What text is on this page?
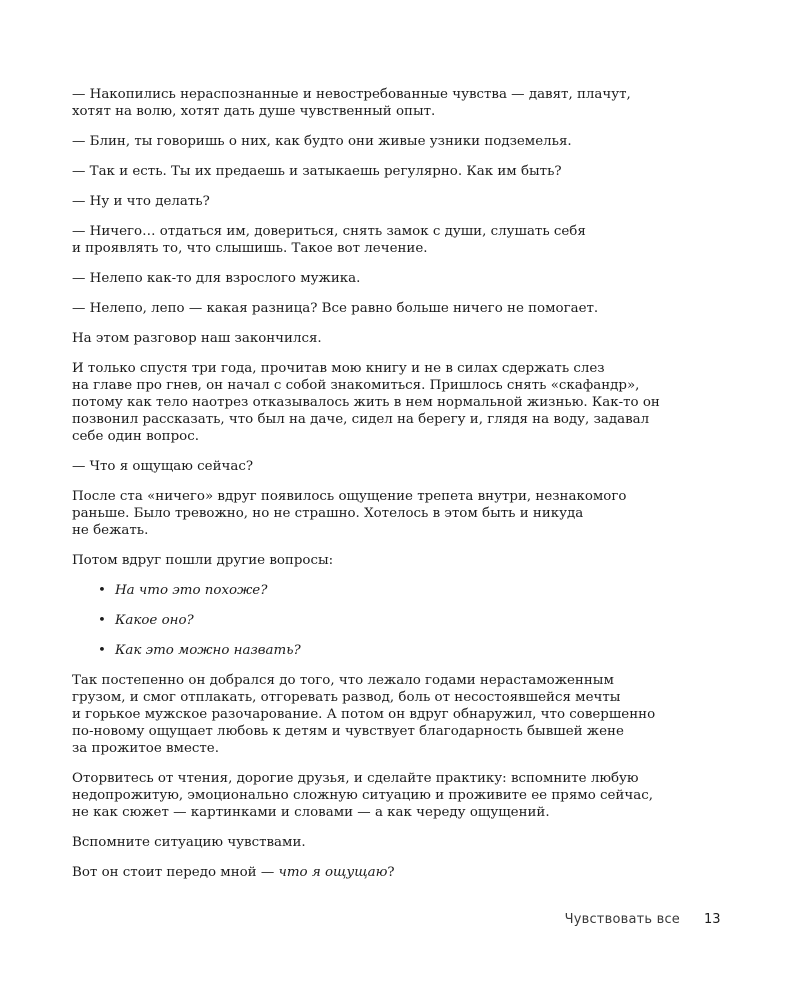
— Накопились нераспознанные и невостребованные чувства — давят, плачут,
хотят на волю, хотят дать душе чувственный опыт.

— Блин, ты говоришь о них, как будто они живые узники подземелья.

— Так и есть. Ты их предаешь и затыкаешь регулярно. Как им быть?

— Ну и что делать?

— Ничего… отдаться им, довериться, снять замок с души, слушать себя
и проявлять то, что слышишь. Такое вот лечение.

— Нелепо как-то для взрослого мужика.

— Нелепо, лепо — какая разница? Все равно больше ничего не помогает.

На этом разговор наш закончился.

И только спустя три года, прочитав мою книгу и не в силах сдержать слез
на главе про гнев, он начал с собой знакомиться. Пришлось снять «скафандр»,
потому как тело наотрез отказывалось жить в нем нормальной жизнью. Как-то он
позвонил рассказать, что был на даче, сидел на берегу и, глядя на воду, задавал
себе один вопрос.

— Что я ощущаю сейчас?

После ста «ничего» вдруг появилось ощущение трепета внутри, незнакомого
раньше. Было тревожно, но не страшно. Хотелось в этом быть и никуда
не бежать.

Потом вдруг пошли другие вопросы:

• На что это похоже?
• Какое оно?
• Как это можно назвать?

Так постепенно он добрался до того, что лежало годами нерастаможенным
грузом, и смог отплакать, отгоревать развод, боль от несостоявшейся мечты
и горькое мужское разочарование. А потом он вдруг обнаружил, что совершенно
по-новому ощущает любовь к детям и чувствует благодарность бывшей жене
за прожитое вместе.

Оторвитесь от чтения, дорогие друзья, и сделайте практику: вспомните любую
недопрожитую, эмоционально сложную ситуацию и проживите ее прямо сейчас,
не как сюжет — картинками и словами — а как череду ощущений.

Вспомните ситуацию чувствами.

Вот он стоит передо мной — что я ощущаю?

Чувствовать все 13
